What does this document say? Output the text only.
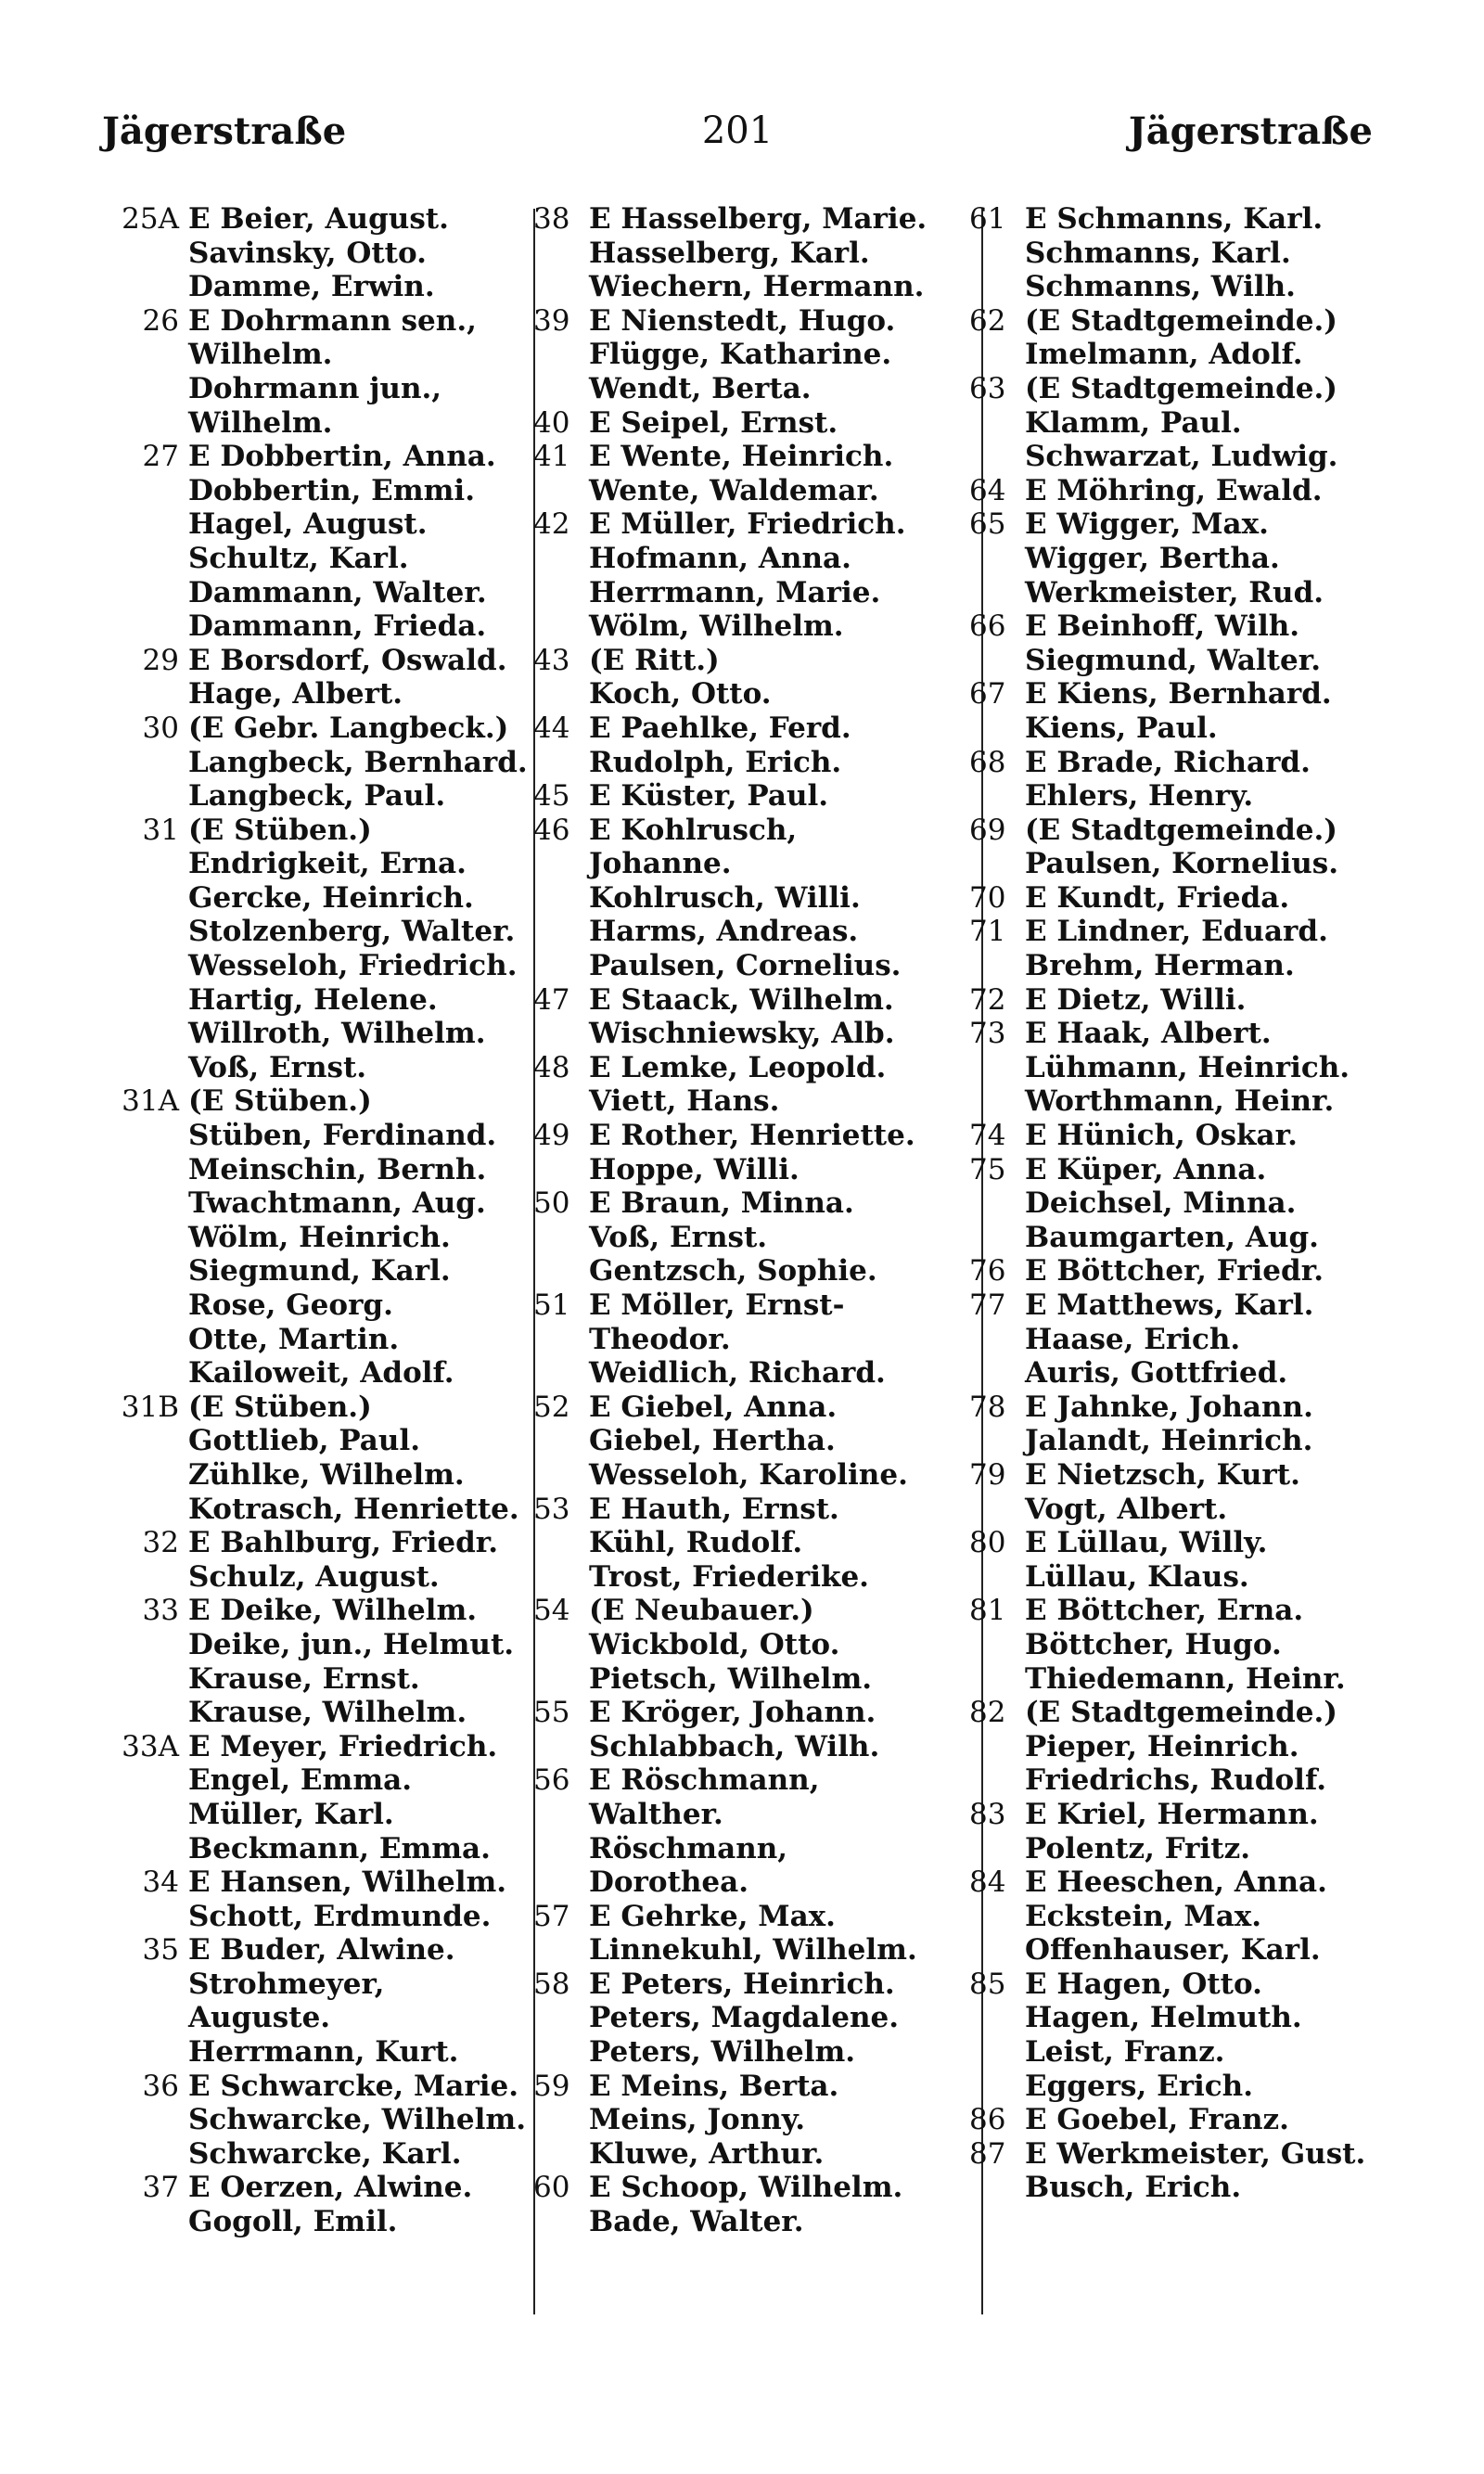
Jägerstraße	201	Jägerstraße
25A E Beier, August.
Savinsky, Otto.
Damme, Erwin.
26 E Dohrmann sen.,
Wilhelm.
Dohrmann jun.,
Wilhelm.
27 E Dobbertin, Anna.
Dobbertin, Emmi.
Hagel, August.
Schultz, Karl.
Dammann, Walter.
Dammann, Frieda.
29 E Borsdorf, Oswald.
Hage, Albert.
30 (E Gebr. Langbeck.)
Langbeck, Bernhard.
Langbeck, Paul.
31 (E Stüben.)
Endrigkeit, Erna.
Gercke, Heinrich.
Stolzenberg, Walter.
Wesseloh, Friedrich.
Hartig, Helene.
Willroth, Wilhelm.
Voß, Ernst.
31A (E Stüben.)
Stüben, Ferdinand.
Meinschin, Bernh.
Twachtmann, Aug.
Wölm, Heinrich.
Siegmund, Karl.
Rose, Georg.
Otte, Martin.
Kailoweit, Adolf.
31B (E Stüben.)
Gottlieb, Paul.
Zühlke, Wilhelm.
Kotrasch, Henriette.
32 E Bahlburg, Friedr.
Schulz, August.
33 E Deike, Wilhelm.
Deike, jun., Helmut.
Krause, Ernst.
Krause, Wilhelm.
33A E Meyer, Friedrich.
Engel, Emma.
Müller, Karl.
Beckmann, Emma.
34 E Hansen, Wilhelm.
Schott, Erdmunde.
35 E Buder, Alwine.
Strohmeyer,
Auguste.
Herrmann, Kurt.
36 E Schwarcke, Marie.
Schwarcke, Wilhelm.
Schwarcke, Karl.
37 E Oerzen, Alwine.
Gogoll, Emil.
38 E Hasselberg, Marie.
Hasselberg, Karl.
Wiechern, Hermann.
39 E Nienstedt, Hugo.
Flügge, Katharine.
Wendt, Berta.
40 E Seipel, Ernst.
41 E Wente, Heinrich.
Wente, Waldemar.
42 E Müller, Friedrich.
Hofmann, Anna.
Herrmann, Marie.
Wölm, Wilhelm.
43 (E Ritt.)
Koch, Otto.
44 E Paehlke, Ferd.
Rudolph, Erich.
45 E Küster, Paul.
46 E Kohlrusch,
Johanne.
Kohlrusch, Willi.
Harms, Andreas.
Paulsen, Cornelius.
47 E Staack, Wilhelm.
Wischniewsky, Alb.
48 E Lemke, Leopold.
Viett, Hans.
49 E Rother, Henriette.
Hoppe, Willi.
50 E Braun, Minna.
Voß, Ernst.
Gentzsch, Sophie.
51 E Möller, Ernst-
Theodor.
Weidlich, Richard.
52 E Giebel, Anna.
Giebel, Hertha.
Wesseloh, Karoline.
53 E Hauth, Ernst.
Kühl, Rudolf.
Trost, Friederike.
54 (E Neubauer.)
Wickbold, Otto.
Pietsch, Wilhelm.
55 E Kröger, Johann.
Schlabbach, Wilh.
56 E Röschmann,
Walther.
Röschmann,
Dorothea.
57 E Gehrke, Max.
Linnekuhl, Wilhelm.
58 E Peters, Heinrich.
Peters, Magdalene.
Peters, Wilhelm.
59 E Meins, Berta.
Meins, Jonny.
Kluwe, Arthur.
60 E Schoop, Wilhelm.
Bade, Walter.
61 E Schmanns, Karl.
Schmanns, Karl.
Schmanns, Wilh.
62 (E Stadtgemeinde.)
Imelmann, Adolf.
63 (E Stadtgemeinde.)
Klamm, Paul.
Schwarzat, Ludwig.
64 E Möhring, Ewald.
65 E Wigger, Max.
Wigger, Bertha.
Werkmeister, Rud.
66 E Beinhoff, Wilh.
Siegmund, Walter.
67 E Kiens, Bernhard.
Kiens, Paul.
68 E Brade, Richard.
Ehlers, Henry.
69 (E Stadtgemeinde.)
Paulsen, Kornelius.
70 E Kundt, Frieda.
71 E Lindner, Eduard.
Brehm, Herman.
72 E Dietz, Willi.
73 E Haak, Albert.
Lühmann, Heinrich.
Worthmann, Heinr.
74 E Hünich, Oskar.
75 E Küper, Anna.
Deichsel, Minna.
Baumgarten, Aug.
76 E Böttcher, Friedr.
77 E Matthews, Karl.
Haase, Erich.
Auris, Gottfried.
78 E Jahnke, Johann.
Jalandt, Heinrich.
79 E Nietzsch, Kurt.
Vogt, Albert.
80 E Lüllau, Willy.
Lüllau, Klaus.
81 E Böttcher, Erna.
Böttcher, Hugo.
Thiedemann, Heinr.
82 (E Stadtgemeinde.)
Pieper, Heinrich.
Friedrichs, Rudolf.
83 E Kriel, Hermann.
Polentz, Fritz.
84 E Heeschen, Anna.
Eckstein, Max.
Offenhauser, Karl.
85 E Hagen, Otto.
Hagen, Helmuth.
Leist, Franz.
Eggers, Erich.
86 E Goebel, Franz.
87 E Werkmeister, Gust.
Busch, Erich.
